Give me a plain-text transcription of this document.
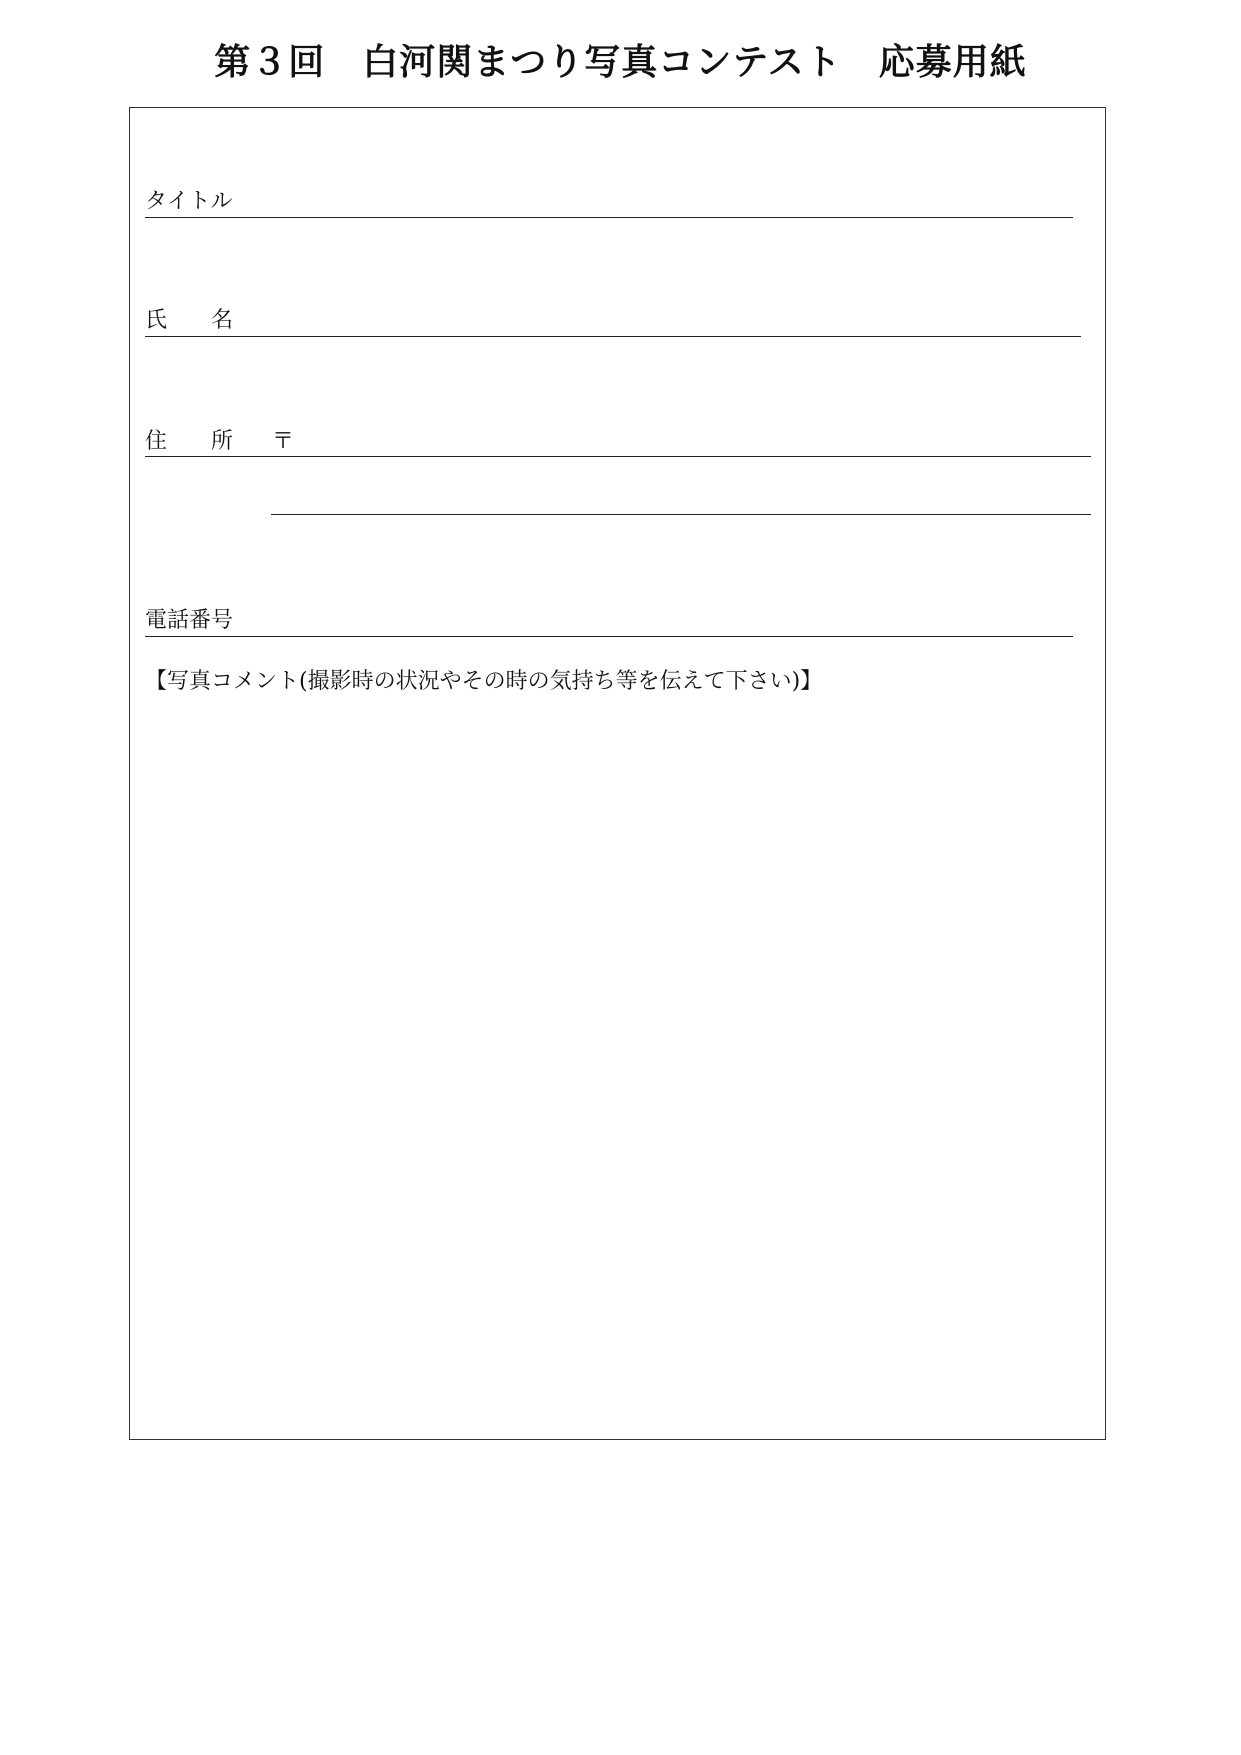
第３回　白河関まつり写真コンテスト　応募用紙
タイトル
氏　　名
住　　所 〒
電話番号
【写真コメント(撮影時の状況やその時の気持ち等を伝えて下さい)】
